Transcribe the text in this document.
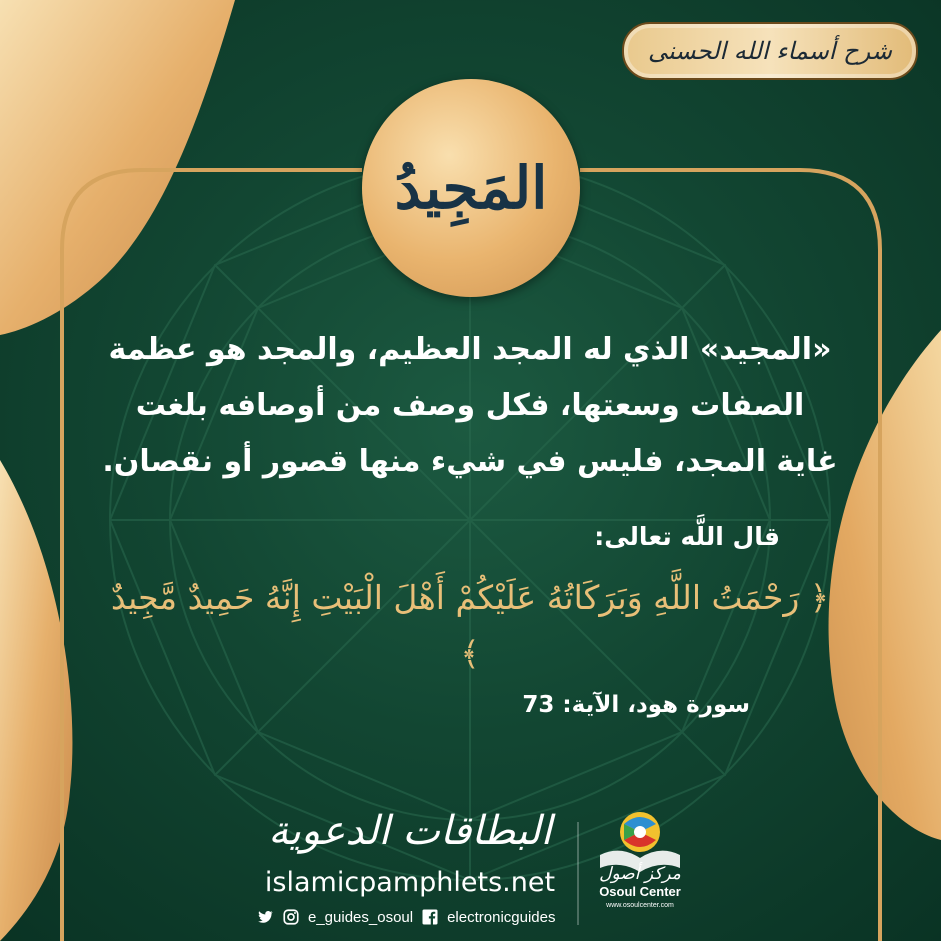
شرح أسماء الله الحسنى
المَجِيدُ
«المجيد» الذي له المجد العظيم، والمجد هو عظمة الصفات وسعتها، فكل وصف من أوصافه بلغت غاية المجد، فليس في شيء منها قصور أو نقصان.
قال اللَّه تعالى:
﴿ رَحْمَتُ اللَّهِ وَبَرَكَاتُهُ عَلَيْكُمْ أَهْلَ الْبَيْتِ إِنَّهُ حَمِيدٌ مَّجِيدٌ ﴾
سورة هود، الآية: 73
البطاقات الدعوية
islamicpamphlets.net
e_guides_osoul electronicguides
مركز أصول
Osoul Center
www.osoulcenter.com
